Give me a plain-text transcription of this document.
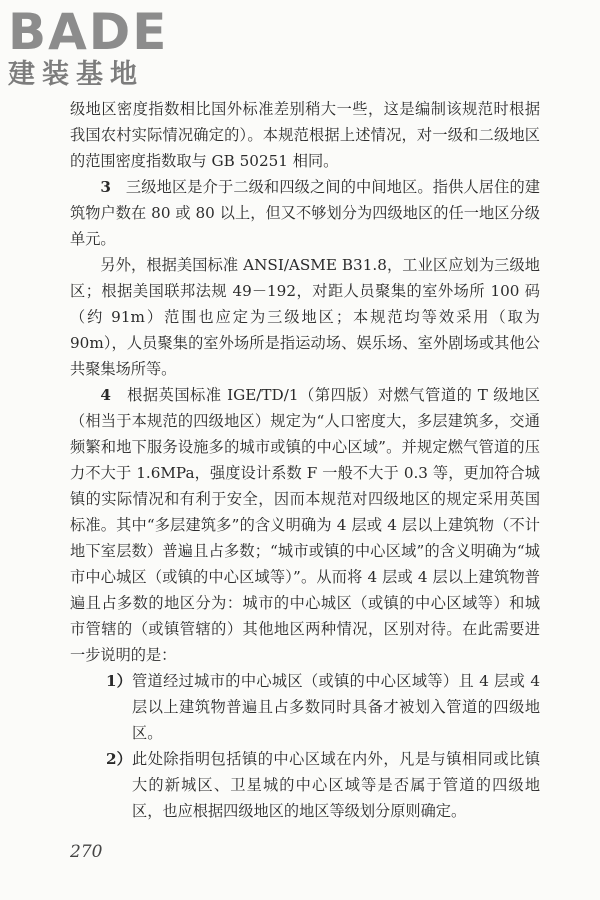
BADE
建装基地

级地区密度指数相比国外标准差别稍大一些，这是编制该规范时根据我国农村实际情况确定的）。本规范根据上述情况，对一级和二级地区的范围密度指数取与 GB 50251 相同。

3 三级地区是介于二级和四级之间的中间地区。指供人居住的建筑物户数在 80 或 80 以上，但又不够划分为四级地区的任一地区分级单元。

另外，根据美国标准 ANSI/ASME B31.8，工业区应划为三级地区；根据美国联邦法规 49－192，对距人员聚集的室外场所 100 码（约 91m）范围也应定为三级地区；本规范均等效采用（取为 90m），人员聚集的室外场所是指运动场、娱乐场、室外剧场或其他公共聚集场所等。

4 根据英国标准 IGE/TD/1（第四版）对燃气管道的 T 级地区（相当于本规范的四级地区）规定为“人口密度大，多层建筑多，交通频繁和地下服务设施多的城市或镇的中心区域”。并规定燃气管道的压力不大于 1.6MPa，强度设计系数 F 一般不大于 0.3 等，更加符合城镇的实际情况和有利于安全，因而本规范对四级地区的规定采用英国标准。其中“多层建筑多”的含义明确为 4 层或 4 层以上建筑物（不计地下室层数）普遍且占多数；“城市或镇的中心区域”的含义明确为“城市中心城区（或镇的中心区域等）”。从而将 4 层或 4 层以上建筑物普遍且占多数的地区分为：城市的中心城区（或镇的中心区域等）和城市管辖的（或镇管辖的）其他地区两种情况，区别对待。在此需要进一步说明的是：

1） 管道经过城市的中心城区（或镇的中心区域等）且 4 层或 4 层以上建筑物普遍且占多数同时具备才被划入管道的四级地区。

2） 此处除指明包括镇的中心区域在内外，凡是与镇相同或比镇大的新城区、卫星城的中心区域等是否属于管道的四级地区，也应根据四级地区的地区等级划分原则确定。

270
